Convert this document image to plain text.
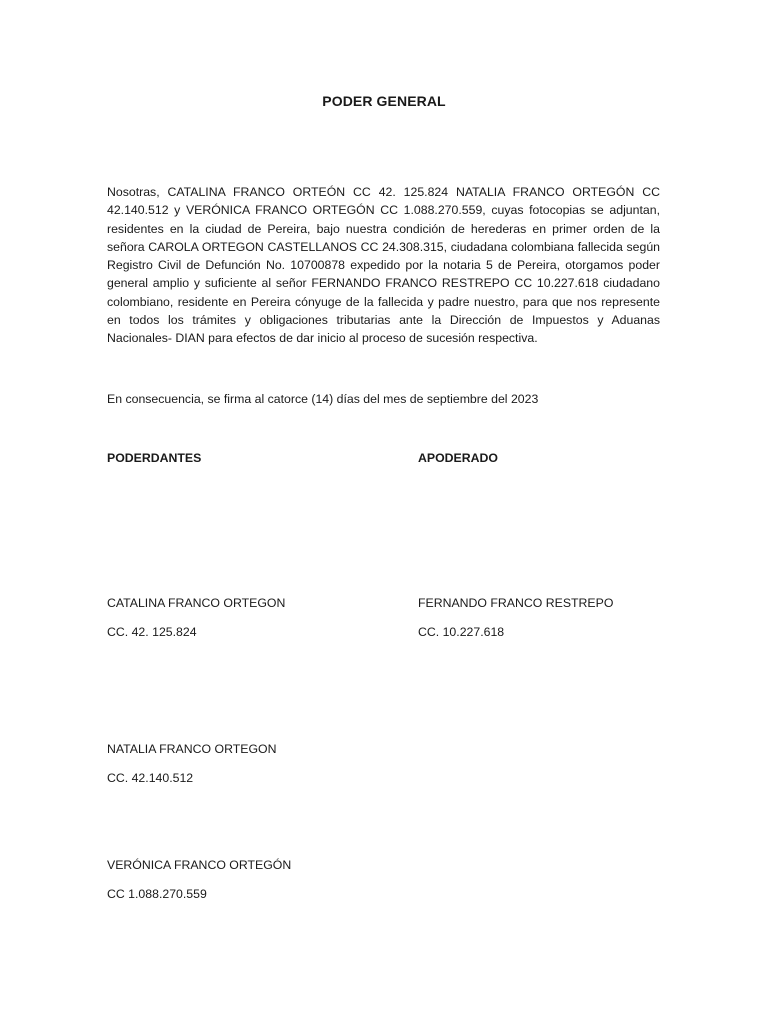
PODER GENERAL
Nosotras, CATALINA FRANCO ORTEÓN CC 42. 125.824 NATALIA FRANCO ORTEGÓN CC 42.140.512 y VERÓNICA FRANCO ORTEGÓN CC 1.088.270.559, cuyas fotocopias se adjuntan, residentes en la ciudad de Pereira, bajo nuestra condición de herederas en primer orden de la señora CAROLA ORTEGON CASTELLANOS CC 24.308.315, ciudadana colombiana fallecida según Registro Civil de Defunción No. 10700878 expedido por la notaria 5 de Pereira, otorgamos poder general amplio y suficiente al señor FERNANDO FRANCO RESTREPO CC 10.227.618 ciudadano colombiano, residente en Pereira cónyuge de la fallecida y padre nuestro, para que nos represente en todos los trámites y obligaciones tributarias ante la Dirección de Impuestos y Aduanas Nacionales- DIAN para efectos de dar inicio al proceso de sucesión respectiva.
En consecuencia, se firma al catorce (14) días del mes de septiembre del 2023
PODERDANTES	APODERADO
CATALINA FRANCO ORTEGON
CC. 42. 125.824
FERNANDO FRANCO RESTREPO
CC. 10.227.618
NATALIA FRANCO ORTEGON
CC. 42.140.512
VERÓNICA FRANCO ORTEGÓN
CC 1.088.270.559
